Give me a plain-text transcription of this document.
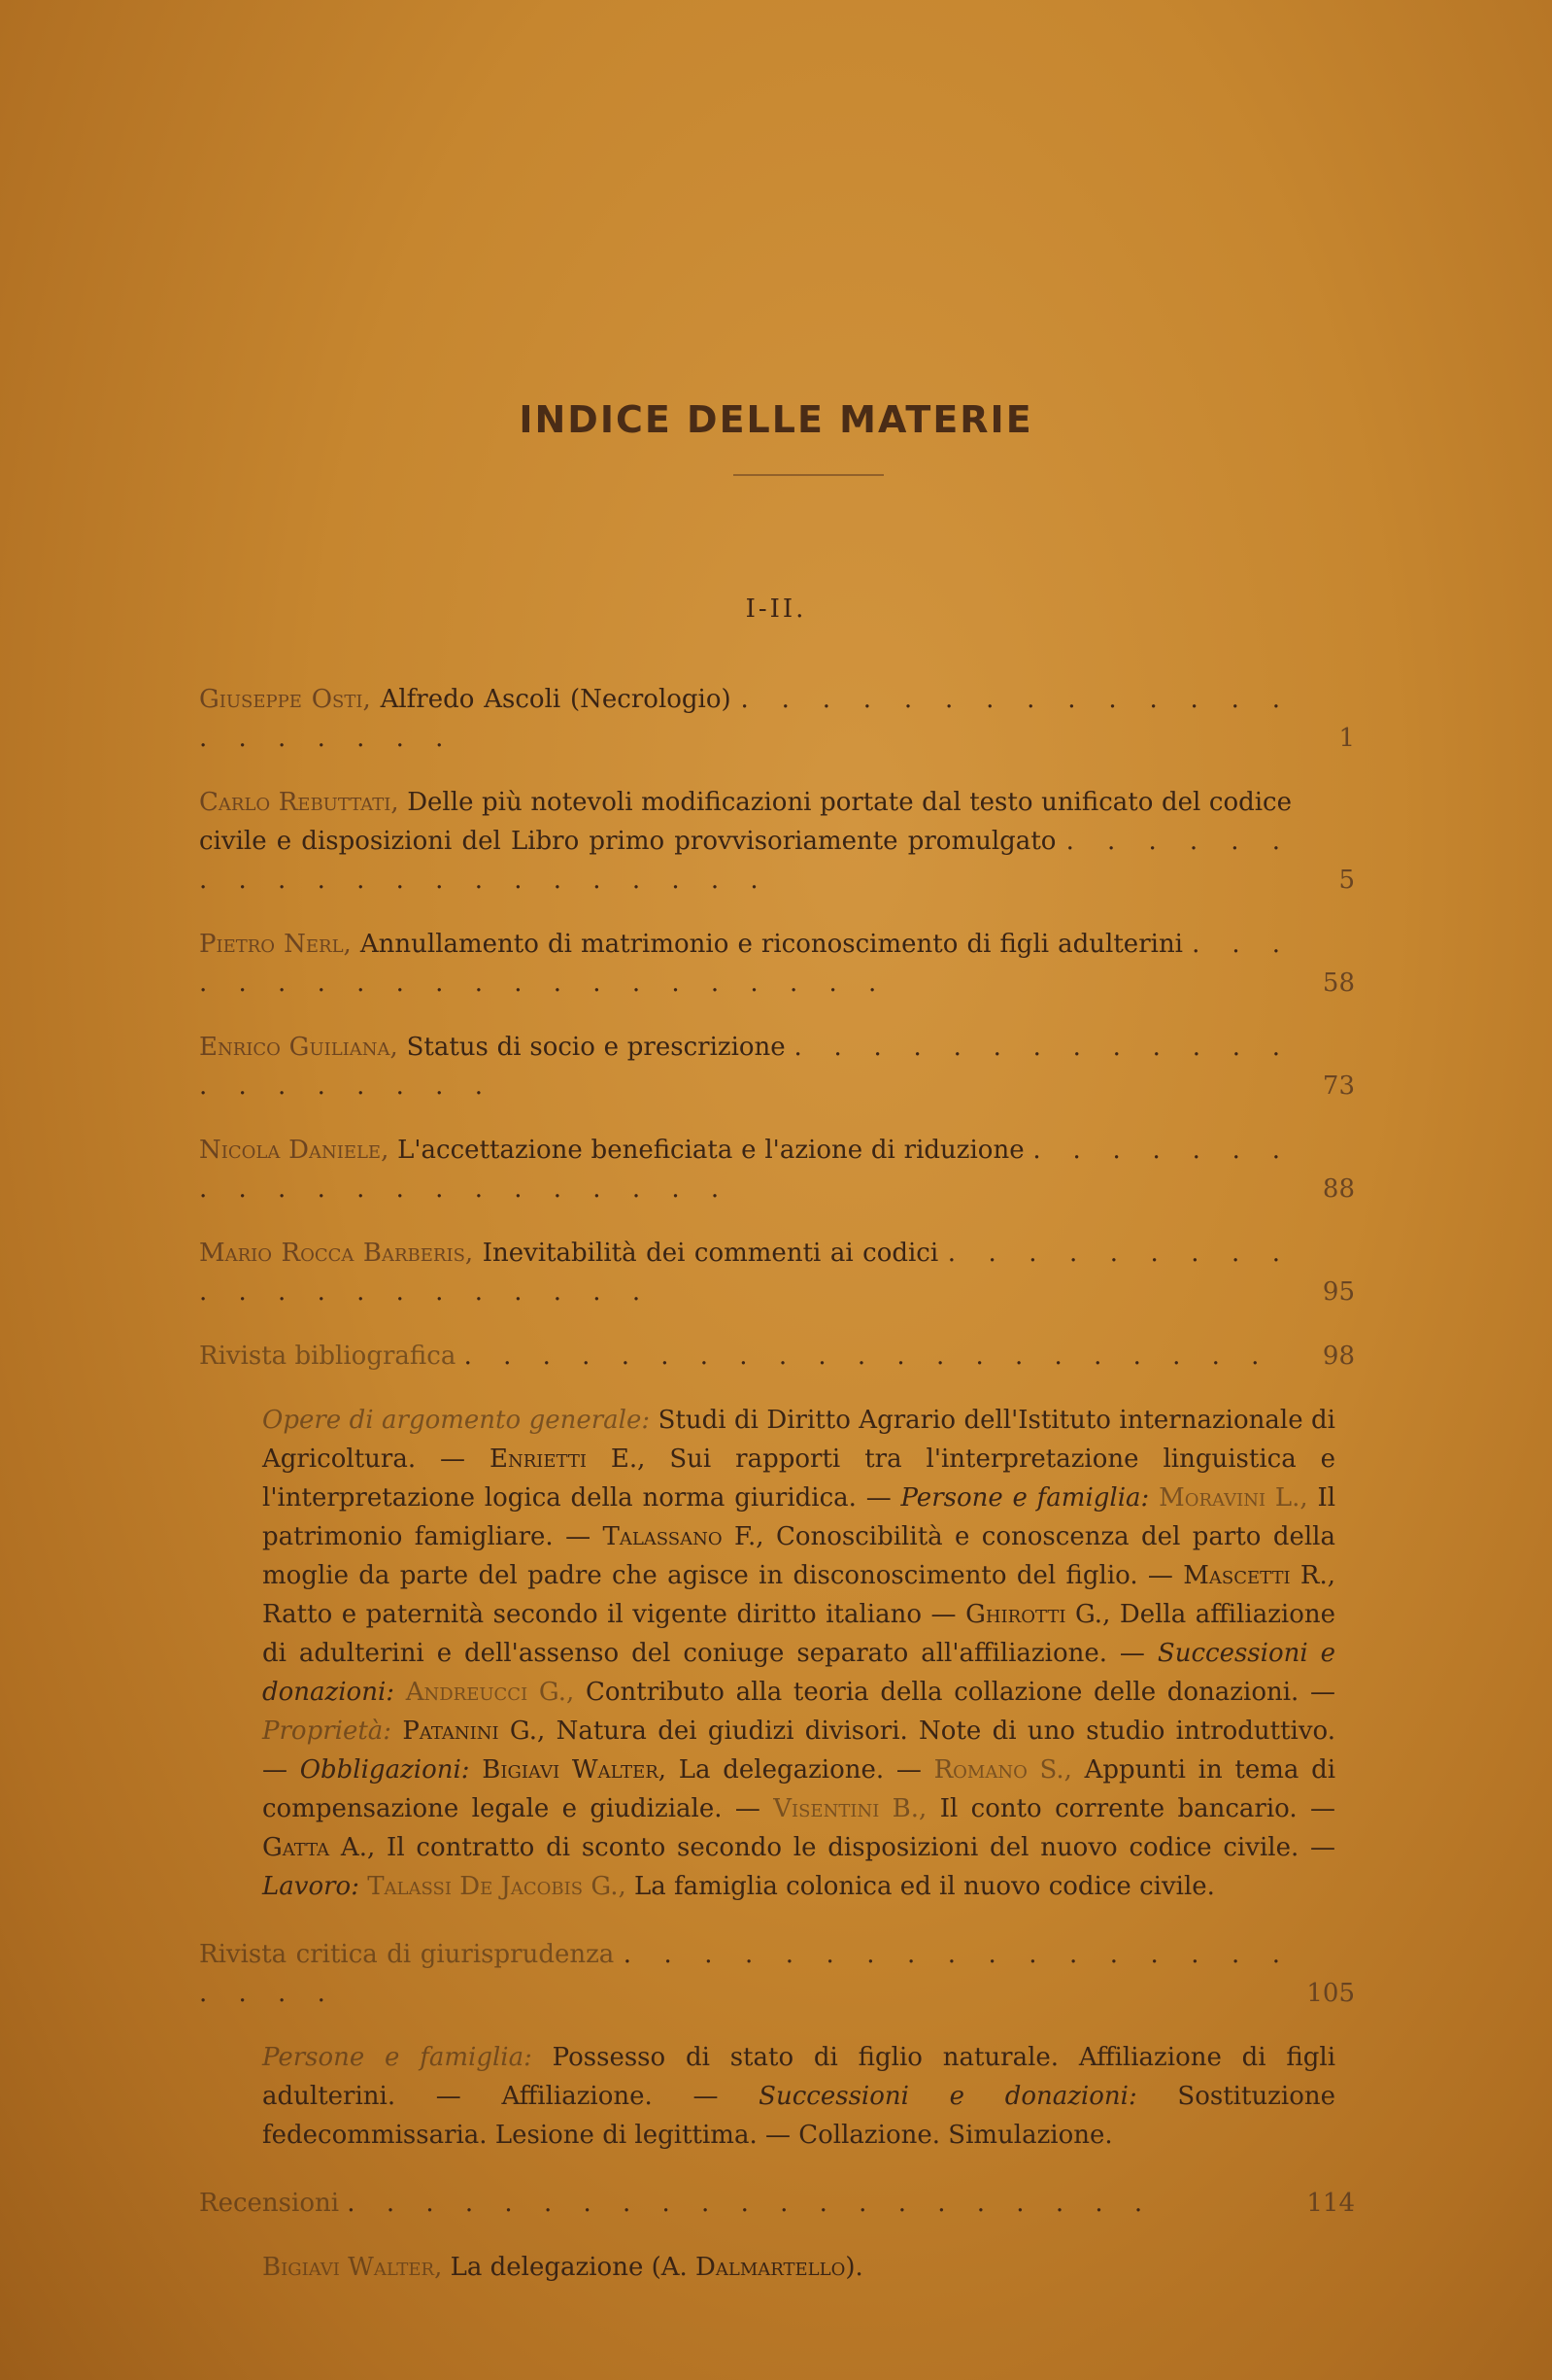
INDICE DELLE MATERIE
I-II.
Giuseppe Osti, Alfredo Ascoli (Necrologio) . . . . . . . . . . . . . . . . . . . . .	1
Carlo Rebuttati, Delle più notevoli modificazioni portate dal testo unificato del codice civile e disposizioni del Libro primo provvisoriamente promulgato . . . . . . . . . . . . . . . . . . . . .	5
Pietro Nerl, Annullamento di matrimonio e riconoscimento di figli adulterini . . . . . . . . . . . . . . . . . . . . .	58
Enrico Guiliana, Status di socio e prescrizione . . . . . . . . . . . . . . . . . . . . .	73
Nicola Daniele, L'accettazione beneficiata e l'azione di riduzione . . . . . . . . . . . . . . . . . . . . .	88
Mario Rocca Barberis, Inevitabilità dei commenti ai codici . . . . . . . . . . . . . . . . . . . . .	95
Rivista bibliografica . . . . . . . . . . . . . . . . . . . . .	98
Opere di argomento generale: Studi di Diritto Agrario dell'Istituto internazionale di Agricoltura. — Enrietti E., Sui rapporti tra l'interpretazione linguistica e l'interpretazione logica della norma giuridica. — Persone e famiglia: Moravini L., Il patrimonio famigliare. — Talassano F., Conoscibilità e conoscenza del parto della moglie da parte del padre che agisce in disconoscimento del figlio. — Mascetti R., Ratto e paternità secondo il vigente diritto italiano — Ghirotti G., Della affiliazione di adulterini e dell'assenso del coniuge separato all'affiliazione. — Successioni e donazioni: Andreucci G., Contributo alla teoria della collazione delle donazioni. — Proprietà: Patanini G., Natura dei giudizi divisori. Note di uno studio introduttivo. — Obbligazioni: Bigiavi Walter, La delegazione. — Romano S., Appunti in tema di compensazione legale e giudiziale. — Visentini B., Il conto corrente bancario. — Gatta A., Il contratto di sconto secondo le disposizioni del nuovo codice civile. — Lavoro: Talassi De Jacobis G., La famiglia colonica ed il nuovo codice civile.
Rivista critica di giurisprudenza . . . . . . . . . . . . . . . . . . . . .	105
Persone e famiglia: Possesso di stato di figlio naturale. Affiliazione di figli adulterini. — Affiliazione. — Successioni e donazioni: Sostituzione fedecommissaria. Lesione di legittima. — Collazione. Simulazione.
Recensioni . . . . . . . . . . . . . . . . . . . . .	114
Bigiavi Walter, La delegazione (A. Dalmartello).
